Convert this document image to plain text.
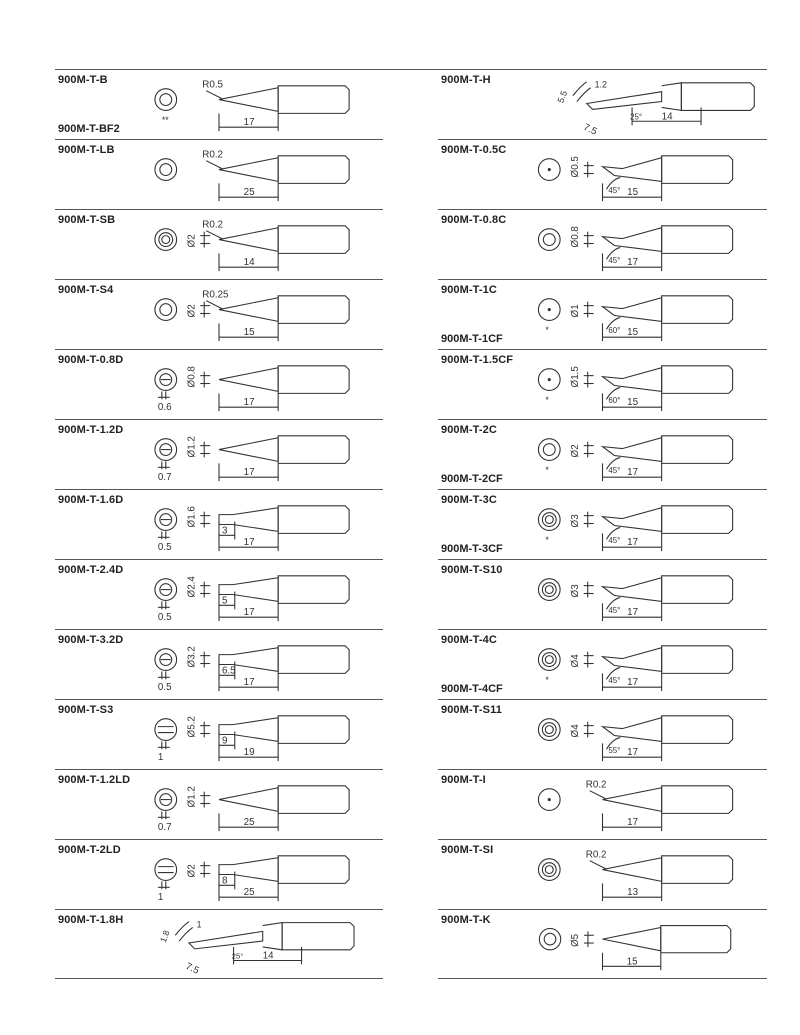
900M-T-B
900M-T-BF2
**
R0.5
17
900M-T-LB	R0.2
25
900M-T-SB
Ø2
R0.2
14
900M-T-S4
Ø2
R0.25
15
900M-T-0.8D
0.6
Ø0.8
17
900M-T-1.2D
0.7
Ø1.2
17
900M-T-1.6D
0.5
Ø1.6
3
17
900M-T-2.4D
0.5
Ø2.4
5
17
900M-T-3.2D
0.5
Ø3.2
6.5
17
900M-T-S3
1
Ø5.2
9
19
900M-T-1.2LD
0.7
Ø1.2
25
900M-T-2LD
1
Ø2
8
25
900M-T-1.8H
1.8
1
7.5
25° 14
900M-T-H
5.5
1.2
7.5
25° 14
900M-T-0.5C
Ø0.5
45° 15
900M-T-0.8C
Ø0.8
45° 17
900M-T-1C
900M-T-1CF
*
Ø1
60° 15
900M-T-1.5CF
*
Ø1.5
60° 15
900M-T-2C
900M-T-2CF
*
Ø2
45° 17
900M-T-3C
900M-T-3CF
*
Ø3
45° 17
900M-T-S10
Ø3
45° 17
900M-T-4C
900M-T-4CF
*
Ø4
45° 17
900M-T-S11
Ø4
55° 17
900M-T-I	R0.2
17
900M-T-SI	R0.2
13
900M-T-K
Ø5
15
